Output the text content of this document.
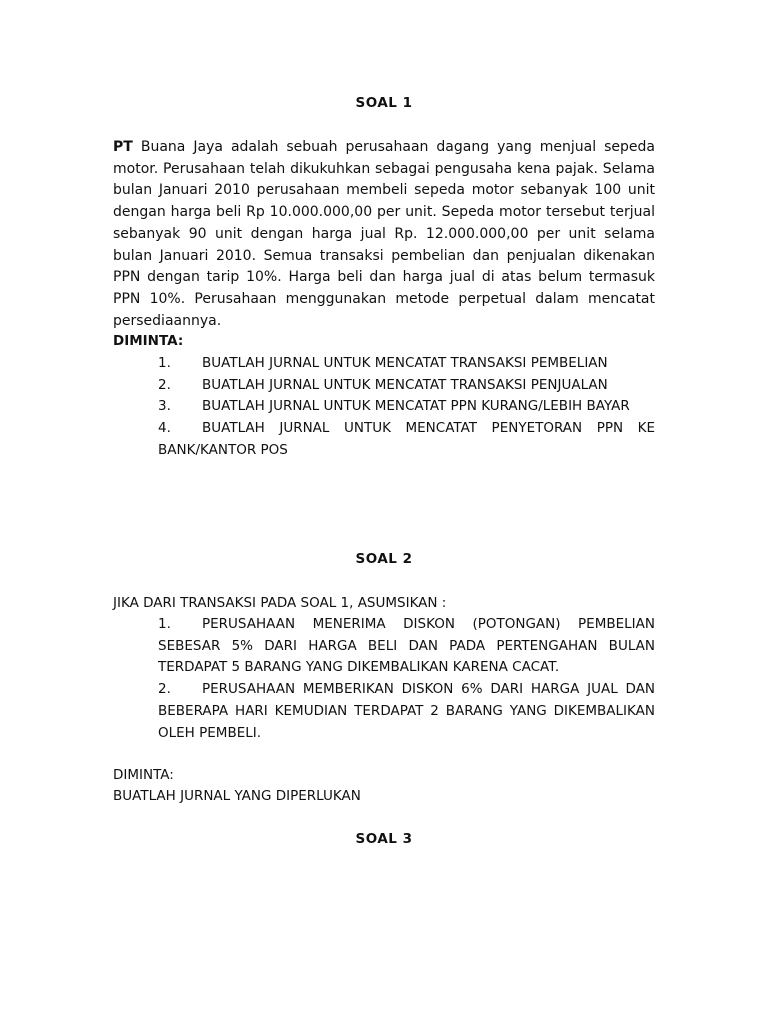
SOAL 1
PT Buana Jaya adalah sebuah perusahaan dagang yang menjual sepeda motor. Perusahaan telah dikukuhkan sebagai pengusaha kena pajak. Selama bulan Januari 2010 perusahaan membeli sepeda motor sebanyak 100 unit dengan harga beli Rp 10.000.000,00 per unit. Sepeda motor tersebut terjual sebanyak 90 unit dengan harga jual Rp. 12.000.000,00 per unit seIama bulan Januari 2010. Semua transaksi pembelian dan penjualan dikenakan PPN dengan tarip 10%. Harga beli dan harga jual di atas belum termasuk PPN 10%. Perusahaan menggunakan metode perpetual dalam mencatat persediaannya.
DIMINTA:
1. BUATLAH JURNAL UNTUK MENCATAT TRANSAKSI PEMBELIAN
2. BUATLAH JURNAL UNTUK MENCATAT TRANSAKSI PENJUALAN
3. BUATLAH JURNAL UNTUK MENCATAT PPN KURANG/LEBIH BAYAR
4. BUATLAH JURNAL UNTUK MENCATAT PENYETORAN PPN KE BANK/KANTOR POS
SOAL 2
JIKA DARI TRANSAKSI PADA SOAL 1, ASUMSIKAN :
1. PERUSAHAAN MENERIMA DISKON (POTONGAN) PEMBELIAN SEBESAR 5% DARI HARGA BELI DAN PADA PERTENGAHAN BULAN TERDAPAT 5 BARANG YANG DIKEMBALIKAN KARENA CACAT.
2. PERUSAHAAN MEMBERIKAN DISKON 6% DARI HARGA JUAL DAN BEBERAPA HARI KEMUDIAN TERDAPAT 2 BARANG YANG DIKEMBALIKAN OLEH PEMBELI.
DIMINTA:
BUATLAH JURNAL YANG DIPERLUKAN
SOAL 3
